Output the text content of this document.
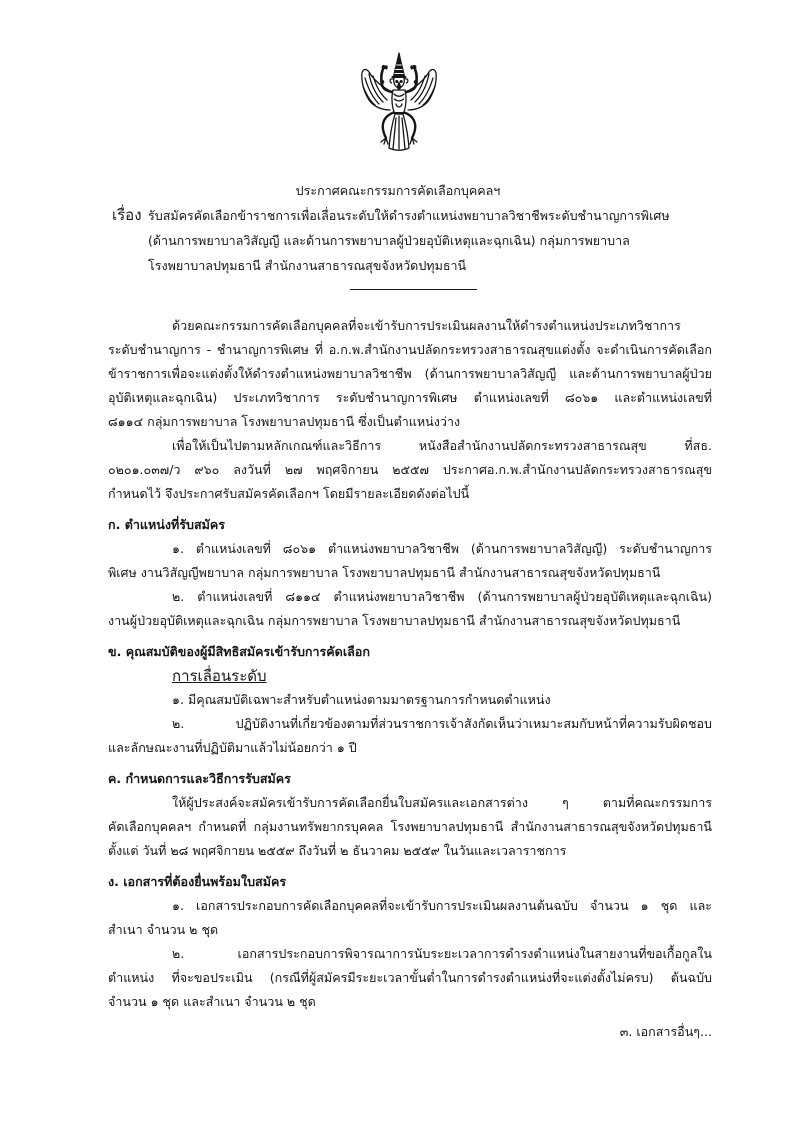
ประกาศคณะกรรมการคัดเลือกบุคคลฯ
เรื่อง รับสมัครคัดเลือกข้าราชการเพื่อเลื่อนระดับให้ดำรงตำแหน่งพยาบาลวิชาชีพระดับชำนาญการพิเศษ
(ด้านการพยาบาลวิสัญญี และด้านการพยาบาลผู้ป่วยอุบัติเหตุและฉุกเฉิน) กลุ่มการพยาบาล
โรงพยาบาลปทุมธานี สำนักงานสาธารณสุขจังหวัดปทุมธานี
ด้วยคณะกรรมการคัดเลือกบุคคลที่จะเข้ารับการประเมินผลงานให้ดำรงตำแหน่งประเภทวิชาการ
ระดับชำนาญการ - ชำนาญการพิเศษ ที่ อ.ก.พ.สำนักงานปลัดกระทรวงสาธารณสุขแต่งตั้ง จะดำเนินการคัดเลือก
ข้าราชการเพื่อจะแต่งตั้งให้ดำรงตำแหน่งพยาบาลวิชาชีพ (ด้านการพยาบาลวิสัญญี และด้านการพยาบาลผู้ป่วย
อุบัติเหตุและฉุกเฉิน) ประเภทวิชาการ ระดับชำนาญการพิเศษ ตำแหน่งเลขที่ ๘๐๖๑ และตำแหน่งเลขที่
๘๑๑๔ กลุ่มการพยาบาล โรงพยาบาลปทุมธานี ซึ่งเป็นตำแหน่งว่าง
เพื่อให้เป็นไปตามหลักเกณฑ์และวิธีการ หนังสือสำนักงานปลัดกระทรวงสาธารณสุข ที่สธ.
๐๒๐๑.๐๓๗/ว ๙๖๐ ลงวันที่ ๒๗ พฤศจิกายน ๒๕๕๗ ประกาศอ.ก.พ.สำนักงานปลัดกระทรวงสาธารณสุข
กำหนดไว้ จึงประกาศรับสมัครคัดเลือกฯ โดยมีรายละเอียดดังต่อไปนี้
ก. ตำแหน่งที่รับสมัคร
๑. ตำแหน่งเลขที่ ๘๐๖๑ ตำแหน่งพยาบาลวิชาชีพ (ด้านการพยาบาลวิสัญญี) ระดับชำนาญการ
พิเศษ งานวิสัญญีพยาบาล กลุ่มการพยาบาล โรงพยาบาลปทุมธานี สำนักงานสาธารณสุขจังหวัดปทุมธานี
๒. ตำแหน่งเลขที่ ๘๑๑๔ ตำแหน่งพยาบาลวิชาชีพ (ด้านการพยาบาลผู้ป่วยอุบัติเหตุและฉุกเฉิน)
งานผู้ป่วยอุบัติเหตุและฉุกเฉิน กลุ่มการพยาบาล โรงพยาบาลปทุมธานี สำนักงานสาธารณสุขจังหวัดปทุมธานี
ข. คุณสมบัติของผู้มีสิทธิสมัครเข้ารับการคัดเลือก
การเลื่อนระดับ
๑. มีคุณสมบัติเฉพาะสำหรับตำแหน่งตามมาตรฐานการกำหนดตำแหน่ง
๒. ปฏิบัติงานที่เกี่ยวข้องตามที่ส่วนราชการเจ้าสังกัดเห็นว่าเหมาะสมกับหน้าที่ความรับผิดชอบ
และลักษณะงานที่ปฏิบัติมาแล้วไม่น้อยกว่า ๑ ปี
ค. กำหนดการและวิธีการรับสมัคร
ให้ผู้ประสงค์จะสมัครเข้ารับการคัดเลือกยื่นใบสมัครและเอกสารต่าง ๆ ตามที่คณะกรรมการ
คัดเลือกบุคคลฯ กำหนดที่ กลุ่มงานทรัพยากรบุคคล โรงพยาบาลปทุมธานี สำนักงานสาธารณสุขจังหวัดปทุมธานี
ตั้งแต่ วันที่ ๒๘ พฤศจิกายน ๒๕๕๙ ถึงวันที่ ๒ ธันวาคม ๒๕๕๙ ในวันและเวลาราชการ
ง. เอกสารที่ต้องยื่นพร้อมใบสมัคร
๑. เอกสารประกอบการคัดเลือกบุคคลที่จะเข้ารับการประเมินผลงานต้นฉบับ จำนวน ๑ ชุด และ
สำเนา จำนวน ๒ ชุด
๒. เอกสารประกอบการพิจารณาการนับระยะเวลาการดำรงตำแหน่งในสายงานที่ขอเกื้อกูลใน
ตำแหน่ง ที่จะขอประเมิน (กรณีที่ผู้สมัครมีระยะเวลาขั้นต่ำในการดำรงตำแหน่งที่จะแต่งตั้งไม่ครบ) ต้นฉบับ
จำนวน ๑ ชุด และสำเนา จำนวน ๒ ชุด
๓. เอกสารอื่นๆ...
